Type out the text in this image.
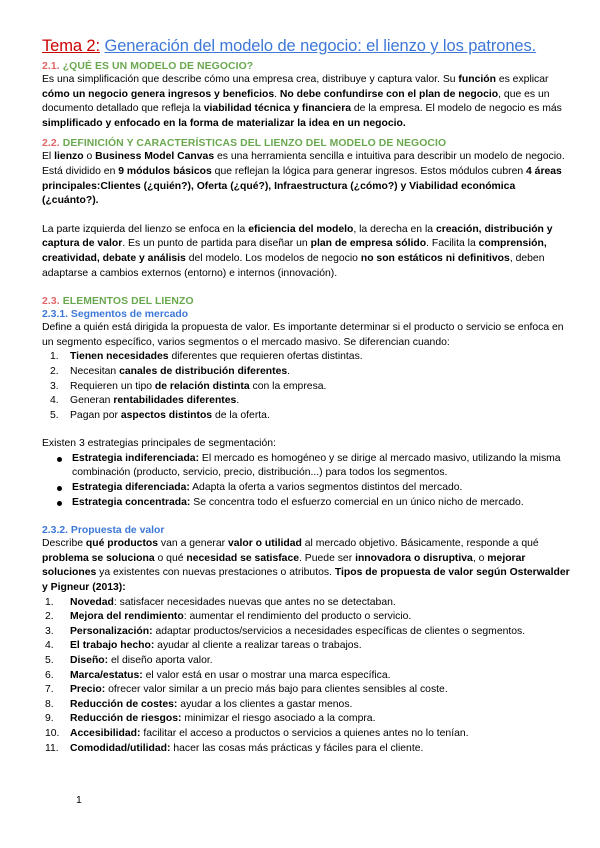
Tema 2: Generación del modelo de negocio: el lienzo y los patrones.
2.1. ¿QUÉ ES UN MODELO DE NEGOCIO?
Es una simplificación que describe cómo una empresa crea, distribuye y captura valor. Su función es explicar cómo un negocio genera ingresos y beneficios. No debe confundirse con el plan de negocio, que es un documento detallado que refleja la viabilidad técnica y financiera de la empresa. El modelo de negocio es más simplificado y enfocado en la forma de materializar la idea en un negocio.
2.2. DEFINICIÓN Y CARACTERÍSTICAS DEL LIENZO DEL MODELO DE NEGOCIO
El lienzo o Business Model Canvas es una herramienta sencilla e intuitiva para describir un modelo de negocio. Está dividido en 9 módulos básicos que reflejan la lógica para generar ingresos. Estos módulos cubren 4 áreas principales:Clientes (¿quién?), Oferta (¿qué?), Infraestructura (¿cómo?) y Viabilidad económica (¿cuánto?).
La parte izquierda del lienzo se enfoca en la eficiencia del modelo, la derecha en la creación, distribución y captura de valor. Es un punto de partida para diseñar un plan de empresa sólido. Facilita la comprensión, creatividad, debate y análisis del modelo. Los modelos de negocio no son estáticos ni definitivos, deben adaptarse a cambios externos (entorno) e internos (innovación).
2.3. ELEMENTOS DEL LIENZO
2.3.1. Segmentos de mercado
Define a quién está dirigida la propuesta de valor. Es importante determinar si el producto o servicio se enfoca en un segmento específico, varios segmentos o el mercado masivo. Se diferencian cuando:
1. Tienen necesidades diferentes que requieren ofertas distintas.
2. Necesitan canales de distribución diferentes.
3. Requieren un tipo de relación distinta con la empresa.
4. Generan rentabilidades diferentes.
5. Pagan por aspectos distintos de la oferta.
Existen 3 estrategias principales de segmentación:
Estrategia indiferenciada: El mercado es homogéneo y se dirige al mercado masivo, utilizando la misma combinación (producto, servicio, precio, distribución...) para todos los segmentos.
Estrategia diferenciada: Adapta la oferta a varios segmentos distintos del mercado.
Estrategia concentrada: Se concentra todo el esfuerzo comercial en un único nicho de mercado.
2.3.2. Propuesta de valor
Describe qué productos van a generar valor o utilidad al mercado objetivo. Básicamente, responde a qué problema se soluciona o qué necesidad se satisface. Puede ser innovadora o disruptiva, o mejorar soluciones ya existentes con nuevas prestaciones o atributos. Tipos de propuesta de valor según Osterwalder y Pigneur (2013):
1. Novedad: satisfacer necesidades nuevas que antes no se detectaban.
2. Mejora del rendimiento: aumentar el rendimiento del producto o servicio.
3. Personalización: adaptar productos/servicios a necesidades específicas de clientes o segmentos.
4. El trabajo hecho: ayudar al cliente a realizar tareas o trabajos.
5. Diseño: el diseño aporta valor.
6. Marca/estatus: el valor está en usar o mostrar una marca específica.
7. Precio: ofrecer valor similar a un precio más bajo para clientes sensibles al coste.
8. Reducción de costes: ayudar a los clientes a gastar menos.
9. Reducción de riesgos: minimizar el riesgo asociado a la compra.
10. Accesibilidad: facilitar el acceso a productos o servicios a quienes antes no lo tenían.
11. Comodidad/utilidad: hacer las cosas más prácticas y fáciles para el cliente.
1
